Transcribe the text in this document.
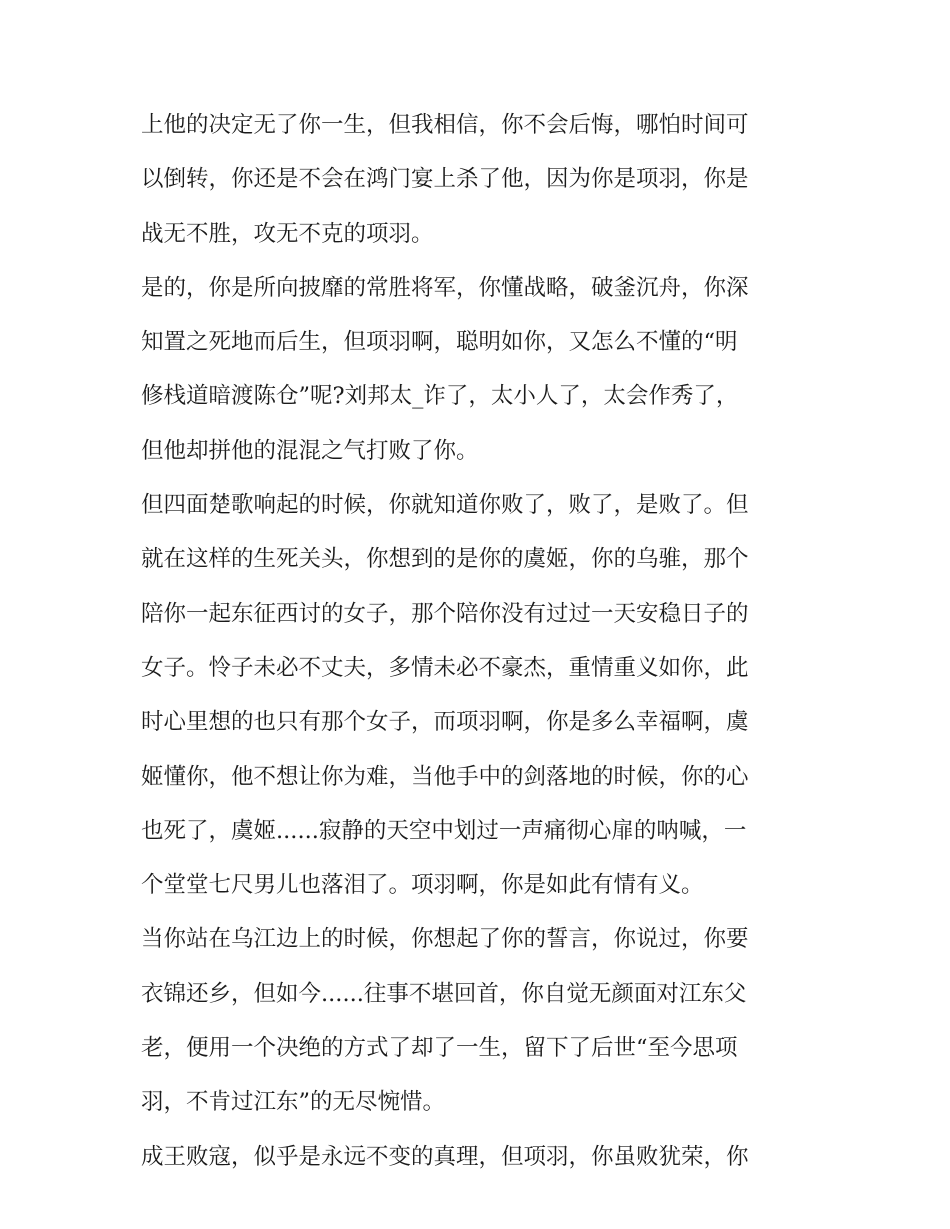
上他的决定无了你一生，但我相信，你不会后悔，哪怕时间可
以倒转，你还是不会在鸿门宴上杀了他，因为你是项羽，你是
战无不胜，攻无不克的项羽。
是的，你是所向披靡的常胜将军，你懂战略，破釜沉舟，你深
知置之死地而后生，但项羽啊，聪明如你，又怎么不懂的“明
修栈道暗渡陈仓”呢?刘邦太_诈了，太小人了，太会作秀了，
但他却拼他的混混之气打败了你。
但四面楚歌响起的时候，你就知道你败了，败了，是败了。但
就在这样的生死关头，你想到的是你的虞姬，你的乌骓，那个
陪你一起东征西讨的女子，那个陪你没有过过一天安稳日子的
女子。怜子未必不丈夫，多情未必不豪杰，重情重义如你，此
时心里想的也只有那个女子，而项羽啊，你是多么幸福啊，虞
姬懂你，他不想让你为难，当他手中的剑落地的时候，你的心
也死了，虞姬......寂静的天空中划过一声痛彻心扉的呐喊，一
个堂堂七尺男儿也落泪了。项羽啊，你是如此有情有义。
当你站在乌江边上的时候，你想起了你的誓言，你说过，你要
衣锦还乡，但如今......往事不堪回首，你自觉无颜面对江东父
老，便用一个决绝的方式了却了一生，留下了后世“至今思项
羽，不肯过江东”的无尽惋惜。
成王败寇，似乎是永远不变的真理，但项羽，你虽败犹荣，你
